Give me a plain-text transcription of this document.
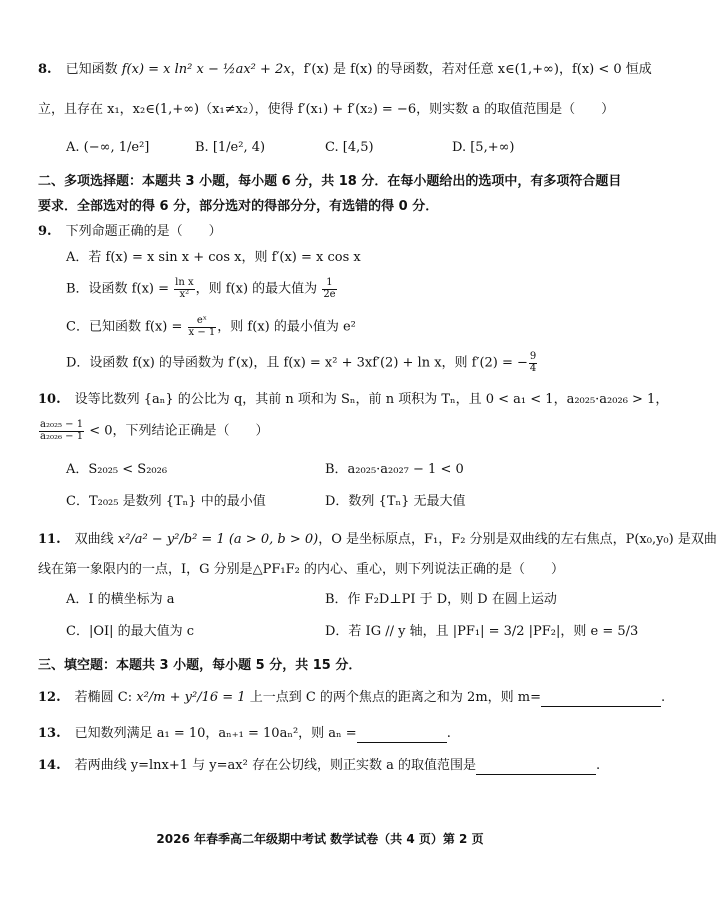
8. 已知函数 f(x) = x ln² x − ½ax² + 2x，f′(x) 是 f(x) 的导函数，若对任意 x∈(1,+∞)，f(x) < 0 恒成
立，且存在 x₁，x₂∈(1,+∞)（x₁≠x₂），使得 f′(x₁) + f′(x₂) = −6，则实数 a 的取值范围是（　　）
A. (−∞, 1/e²]	B. [1/e², 4)	C. [4,5)	D. [5,+∞)
二、多项选择题：本题共 3 小题，每小题 6 分，共 18 分．在每小题给出的选项中，有多项符合题目
要求．全部选对的得 6 分，部分选对的得部分分，有选错的得 0 分．
9. 下列命题正确的是（　　）
A．若 f(x) = x sin x + cos x，则 f′(x) = x cos x
B．设函数 $f(x) = \frac{\text{ln x}}{\text{x²}}$ ，则 f(x) 的最大值为 $\frac{1}{2e}$
C．已知函数 $f(x) = \frac{\text{eˣ}}{x - 1}$ ，则 f(x) 的最小值为 e²
D．设函数 f(x) 的导函数为 f′(x)，且 f(x) = x² + 3xf′(2) + ln x，则 f′(2) = − $\frac{9}{4}$
10. 设等比数列 {aₙ} 的公比为 q，其前 n 项和为 Sₙ，前 n 项积为 Tₙ，且 0 < a₁ < 1，a₂₀₂₅·a₂₀₂₆ > 1，
$\frac{\text{a₂₀₂₅ − 1}}{\text{a₂₀₂₆ − 1}} < 0$，下列结论正确是（　　）
A．S₂₀₂₅ < S₂₀₂₆	B．a₂₀₂₅·a₂₀₂₇ − 1 < 0
C．T₂₀₂₅ 是数列 {Tₙ} 中的最小值	D．数列 {Tₙ} 无最大值
11. 双曲线 x²/a² − y²/b² = 1 (a > 0, b > 0)，O 是坐标原点，F₁，F₂ 分别是双曲线的左右焦点，P(x₀,y₀) 是双曲
线在第一象限内的一点，I，G 分别是△PF₁F₂ 的内心、重心，则下列说法正确的是（　　）
A．I 的横坐标为 a	B．作 F₂D⊥PI 于 D，则 D 在圆上运动
C．|OI| 的最大值为 c	D．若 IG // y 轴，且 |PF₁| = 3/2 |PF₂|，则 e = 5/3
三、填空题：本题共 3 小题，每小题 5 分，共 15 分．
12. 若椭圆 C: x²/m + y²/16 = 1 上一点到 C 的两个焦点的距离之和为 2m，则 m=	.
13. 已知数列满足 a₁ = 10，aₙ₊₁ = 10aₙ²，则 aₙ =	.
14. 若两曲线 y=lnx+1 与 y=ax² 存在公切线，则正实数 a 的取值范围是	.
2026 年春季高二年级期中考试 数学试卷（共 4 页）第 2 页
